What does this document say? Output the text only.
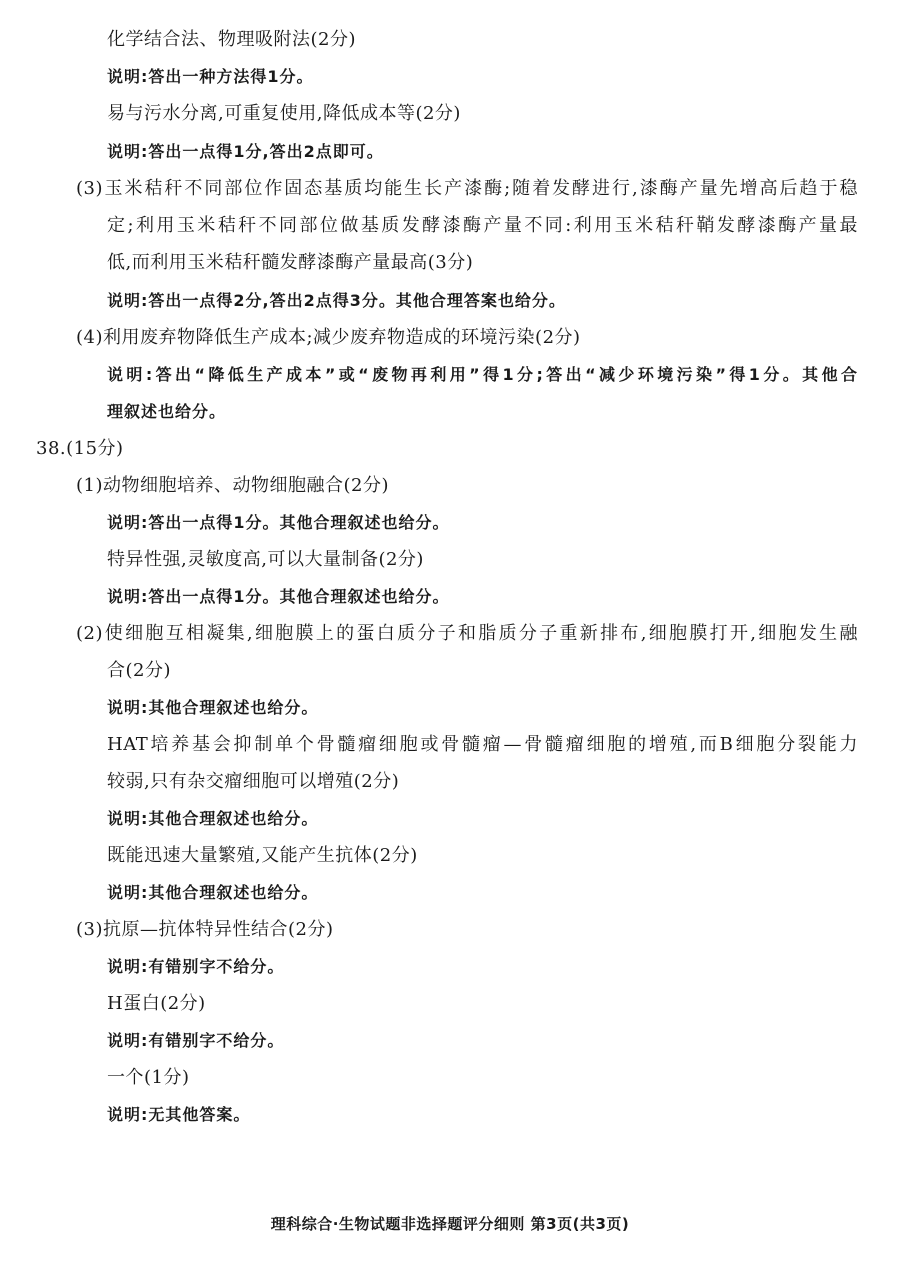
化学结合法、物理吸附法(2分)
说明:答出一种方法得1分。
易与污水分离,可重复使用,降低成本等(2分)
说明:答出一点得1分,答出2点即可。
(3)玉米秸秆不同部位作固态基质均能生长产漆酶;随着发酵进行,漆酶产量先增高后趋于稳
定;利用玉米秸秆不同部位做基质发酵漆酶产量不同:利用玉米秸秆鞘发酵漆酶产量最
低,而利用玉米秸秆髓发酵漆酶产量最高(3分)
说明:答出一点得2分,答出2点得3分。其他合理答案也给分。
(4)利用废弃物降低生产成本;减少废弃物造成的环境污染(2分)
说明:答出“降低生产成本”或“废物再利用”得1分;答出“减少环境污染”得1分。其他合
理叙述也给分。
38.(15分)
(1)动物细胞培养、动物细胞融合(2分)
说明:答出一点得1分。其他合理叙述也给分。
特异性强,灵敏度高,可以大量制备(2分)
说明:答出一点得1分。其他合理叙述也给分。
(2)使细胞互相凝集,细胞膜上的蛋白质分子和脂质分子重新排布,细胞膜打开,细胞发生融
合(2分)
说明:其他合理叙述也给分。
HAT培养基会抑制单个骨髓瘤细胞或骨髓瘤—骨髓瘤细胞的增殖,而B细胞分裂能力
较弱,只有杂交瘤细胞可以增殖(2分)
说明:其他合理叙述也给分。
既能迅速大量繁殖,又能产生抗体(2分)
说明:其他合理叙述也给分。
(3)抗原—抗体特异性结合(2分)
说明:有错别字不给分。
H蛋白(2分)
说明:有错别字不给分。
一个(1分)
说明:无其他答案。
理科综合·生物试题非选择题评分细则 第3页(共3页)
